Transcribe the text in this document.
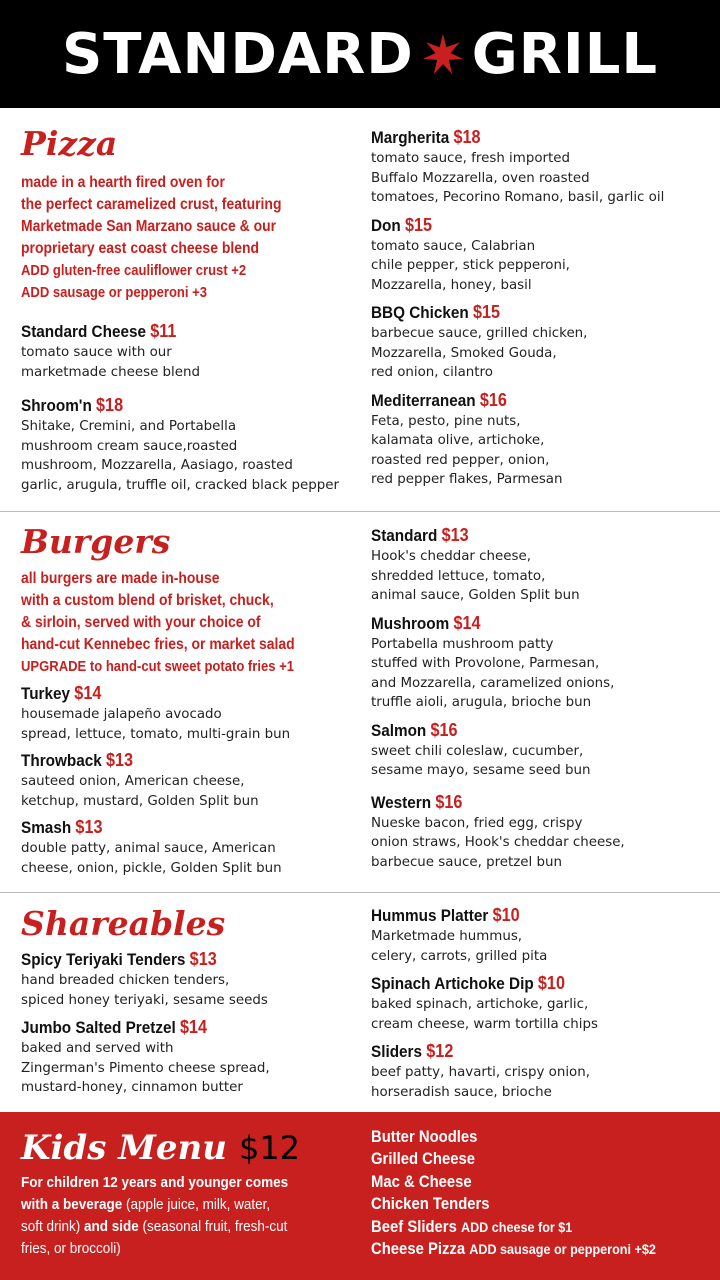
STANDARD GRILL
Pizza
made in a hearth fired oven for
the perfect caramelized crust, featuring
Marketmade San Marzano sauce & our
proprietary east coast cheese blend
ADD gluten-free cauliflower crust +2
ADD sausage or pepperoni +3
Standard Cheese $11
tomato sauce with our
marketmade cheese blend
Shroom'n $18
Shitake, Cremini, and Portabella
mushroom cream sauce,roasted
mushroom, Mozzarella, Aasiago, roasted
garlic, arugula, truffle oil, cracked black pepper
Margherita $18
tomato sauce, fresh imported
Buffalo Mozzarella, oven roasted
tomatoes, Pecorino Romano, basil, garlic oil
Don $15
tomato sauce, Calabrian
chile pepper, stick pepperoni,
Mozzarella, honey, basil
BBQ Chicken $15
barbecue sauce, grilled chicken,
Mozzarella, Smoked Gouda,
red onion, cilantro
Mediterranean $16
Feta, pesto, pine nuts,
kalamata olive, artichoke,
roasted red pepper, onion,
red pepper flakes, Parmesan
Burgers
all burgers are made in-house
with a custom blend of brisket, chuck,
& sirloin, served with your choice of
hand-cut Kennebec fries, or market salad
UPGRADE to hand-cut sweet potato fries +1
Turkey $14
housemade jalapeño avocado
spread, lettuce, tomato, multi-grain bun
Throwback $13
sauteed onion, American cheese,
ketchup, mustard, Golden Split bun
Smash $13
double patty, animal sauce, American
cheese, onion, pickle, Golden Split bun
Standard $13
Hook's cheddar cheese,
shredded lettuce, tomato,
animal sauce, Golden Split bun
Mushroom $14
Portabella mushroom patty
stuffed with Provolone, Parmesan,
and Mozzarella, caramelized onions,
truffle aioli, arugula, brioche bun
Salmon $16
sweet chili coleslaw, cucumber,
sesame mayo, sesame seed bun
Western $16
Nueske bacon, fried egg, crispy
onion straws, Hook's cheddar cheese,
barbecue sauce, pretzel bun
Shareables
Spicy Teriyaki Tenders $13
hand breaded chicken tenders,
spiced honey teriyaki, sesame seeds
Jumbo Salted Pretzel $14
baked and served with
Zingerman's Pimento cheese spread,
mustard-honey, cinnamon butter
Hummus Platter $10
Marketmade hummus,
celery, carrots, grilled pita
Spinach Artichoke Dip $10
baked spinach, artichoke, garlic,
cream cheese, warm tortilla chips
Sliders $12
beef patty, havarti, crispy onion,
horseradish sauce, brioche
Kids Menu $12
For children 12 years and younger comes
with a beverage (apple juice, milk, water,
soft drink) and side (seasonal fruit, fresh-cut
fries, or broccoli)
Butter Noodles
Grilled Cheese
Mac & Cheese
Chicken Tenders
Beef Sliders ADD cheese for $1
Cheese Pizza ADD sausage or pepperoni +$2
